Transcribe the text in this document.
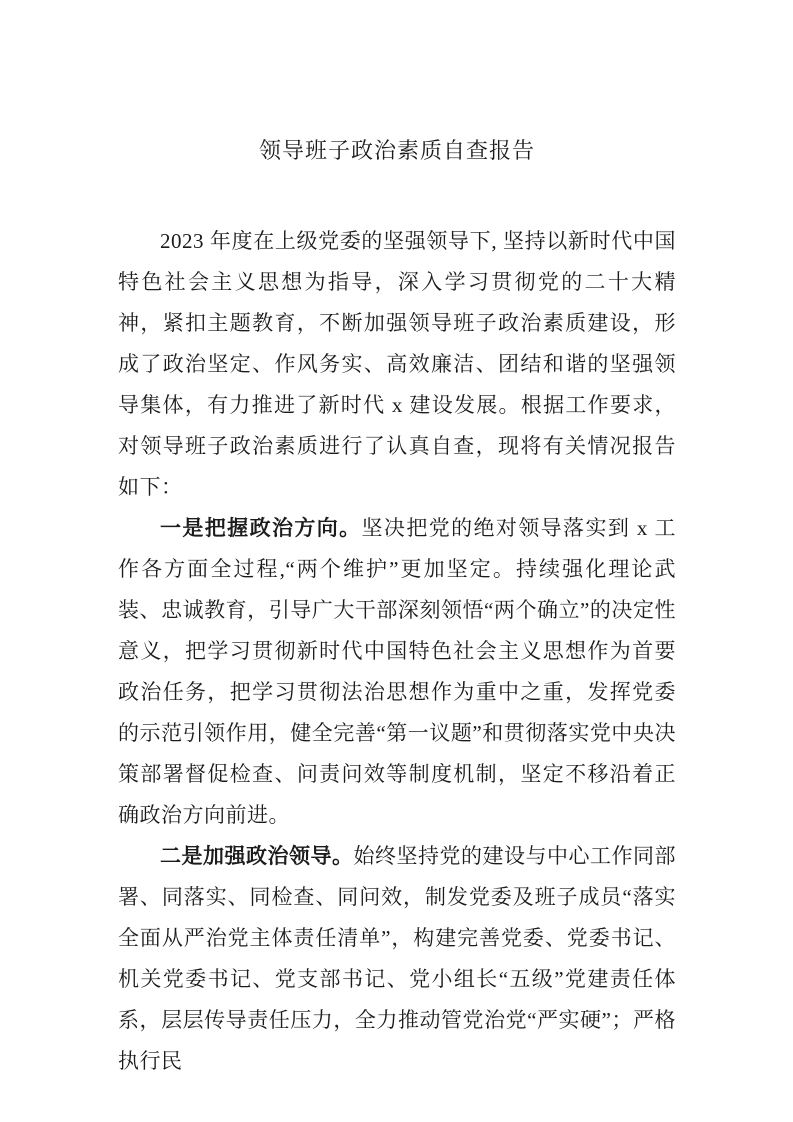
领导班子政治素质自查报告

2023 年度在上级党委的坚强领导下, 坚持以新时代中国特色社会主义思想为指导，深入学习贯彻党的二十大精神，紧扣主题教育，不断加强领导班子政治素质建设，形成了政治坚定、作风务实、高效廉洁、团结和谐的坚强领导集体，有力推进了新时代 x 建设发展。根据工作要求，对领导班子政治素质进行了认真自查，现将有关情况报告如下：

一是把握政治方向。坚决把党的绝对领导落实到 x 工作各方面全过程,“两个维护”更加坚定。持续强化理论武装、忠诚教育，引导广大干部深刻领悟“两个确立”的决定性意义，把学习贯彻新时代中国特色社会主义思想作为首要政治任务，把学习贯彻法治思想作为重中之重，发挥党委的示范引领作用，健全完善“第一议题”和贯彻落实党中央决策部署督促检查、问责问效等制度机制，坚定不移沿着正确政治方向前进。

二是加强政治领导。始终坚持党的建设与中心工作同部署、同落实、同检查、同问效，制发党委及班子成员“落实全面从严治党主体责任清单”，构建完善党委、党委书记、机关党委书记、党支部书记、党小组长“五级”党建责任体系，层层传导责任压力，全力推动管党治党“严实硬”；严格执行民
